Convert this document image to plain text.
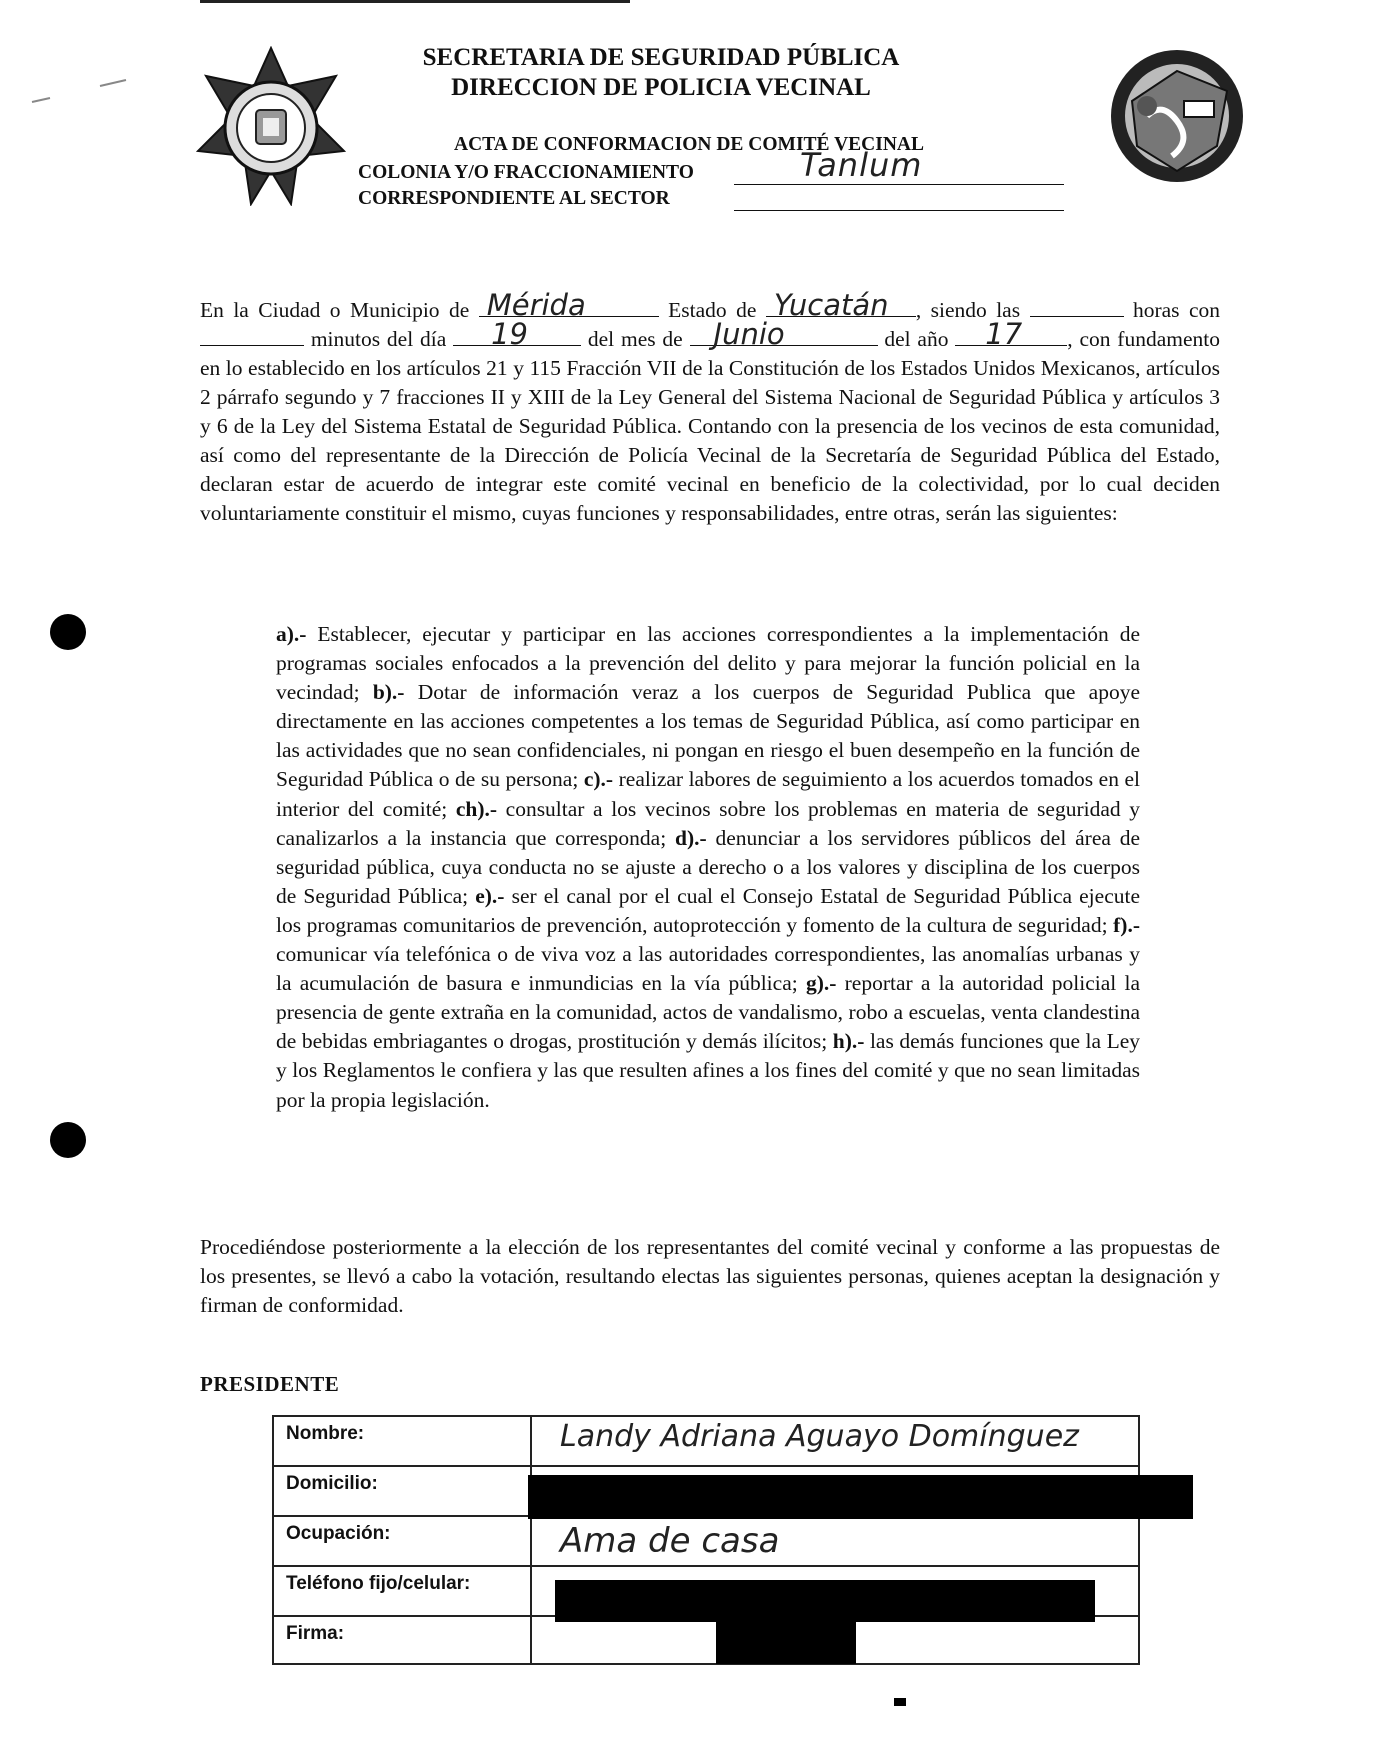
SECRETARIA DE SEGURIDAD PÚBLICA
DIRECCION DE POLICIA VECINAL
ACTA DE CONFORMACION DE COMITÉ VECINAL
COLONIA Y/O FRACCIONAMIENTO
CORRESPONDIENTE AL SECTOR
Tanlum
En la Ciudad o Municipio de Mérida	Estado de Yucatán , siendo las	horas con  minutos del día 19	del mes de Junio	del año 17 , con fundamento en lo establecido en los artículos 21 y 115 Fracción VII de la Constitución de los Estados Unidos Mexicanos, artículos 2 párrafo segundo y 7 fracciones II y XIII de la Ley General del Sistema Nacional de Seguridad Pública y artículos 3 y 6 de la Ley del Sistema Estatal de Seguridad Pública. Contando con la presencia de los vecinos de esta comunidad, así como del representante de la Dirección de Policía Vecinal de la Secretaría de Seguridad Pública del Estado, declaran estar de acuerdo de integrar este comité vecinal en beneficio de la colectividad, por lo cual deciden voluntariamente constituir el mismo, cuyas funciones y responsabilidades, entre otras, serán las siguientes:
a).- Establecer, ejecutar y participar en las acciones correspondientes a la implementación de programas sociales enfocados a la prevención del delito y para mejorar la función policial en la vecindad; b).- Dotar de información veraz a los cuerpos de Seguridad Publica que apoye directamente en las acciones competentes a los temas de Seguridad Pública, así como participar en las actividades que no sean confidenciales, ni pongan en riesgo el buen desempeño en la función de Seguridad Pública o de su persona; c).- realizar labores de seguimiento a los acuerdos tomados en el interior del comité; ch).- consultar a los vecinos sobre los problemas en materia de seguridad y canalizarlos a la instancia que corresponda; d).- denunciar a los servidores públicos del área de seguridad pública, cuya conducta no se ajuste a derecho o a los valores y disciplina de los cuerpos de Seguridad Pública; e).- ser el canal por el cual el Consejo Estatal de Seguridad Pública ejecute los programas comunitarios de prevención, autoprotección y fomento de la cultura de seguridad; f).- comunicar vía telefónica o de viva voz a las autoridades correspondientes, las anomalías urbanas y la acumulación de basura e inmundicias en la vía pública; g).- reportar a la autoridad policial la presencia de gente extraña en la comunidad, actos de vandalismo, robo a escuelas, venta clandestina de bebidas embriagantes o drogas, prostitución y demás ilícitos; h).- las demás funciones que la Ley y los Reglamentos le confiera y las que resulten afines a los fines del comité y que no sean limitadas por la propia legislación.
Procediéndose posteriormente a la elección de los representantes del comité vecinal y conforme a las propuestas de los presentes, se llevó a cabo la votación, resultando electas las siguientes personas, quienes aceptan la designación y firman de conformidad.
PRESIDENTE
Nombre:	Landy Adriana Aguayo Domínguez
Domicilio:
Ocupación:	Ama de casa
Teléfono fijo/celular:
Firma:
